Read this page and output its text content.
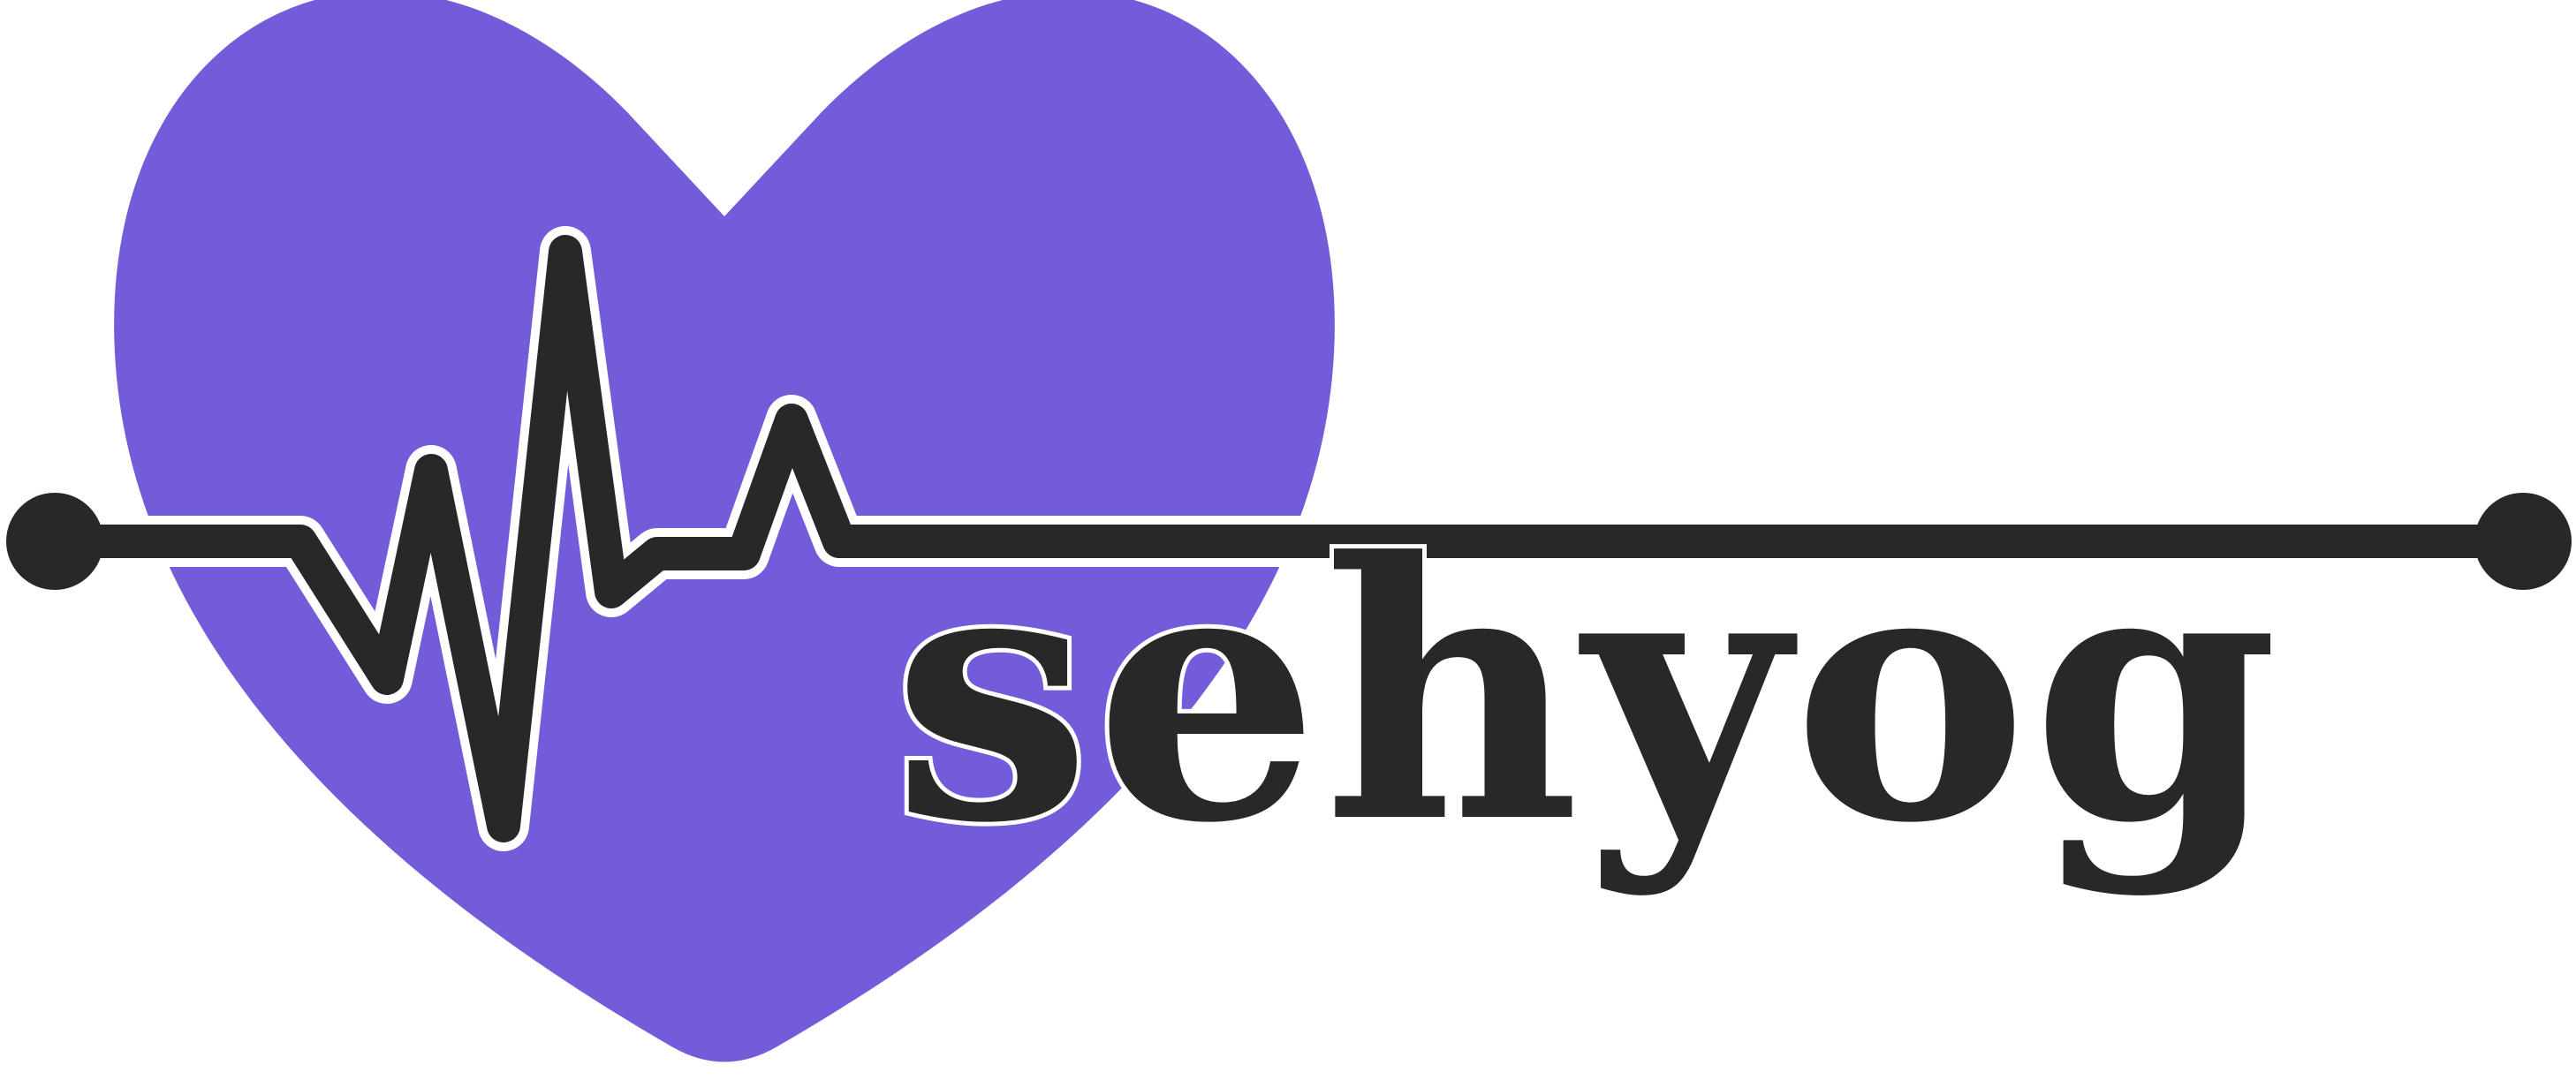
sehyog
